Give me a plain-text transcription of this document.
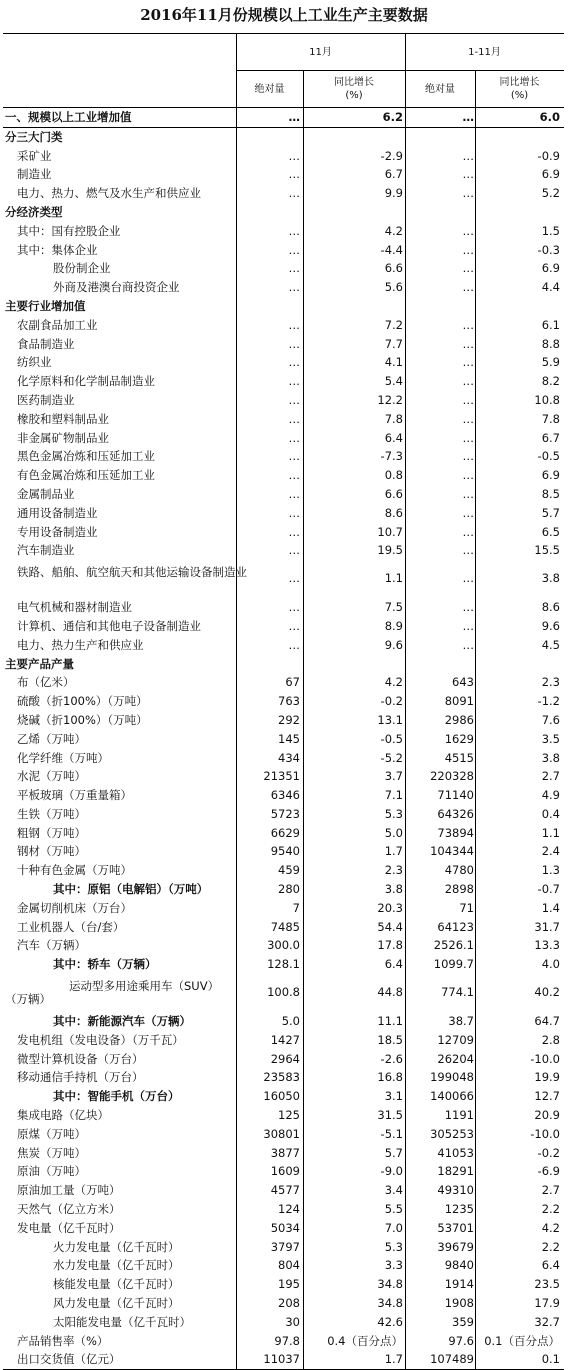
2016年11月份规模以上工业生产主要数据
11月	1-11月
绝对量
同比增长
(%)
绝对量
同比增长
(%)
一、规模以上工业增加值	…	6.2	…	6.0
分三大门类
采矿业	…	-2.9	…	-0.9
制造业	…	6.7	…	6.9
电力、热力、燃气及水生产和供应业	…	9.9	…	5.2
分经济类型
其中：国有控股企业	…	4.2	…	1.5
其中：集体企业	…	-4.4	…	-0.3
股份制企业	…	6.6	…	6.9
外商及港澳台商投资企业	…	5.6	…	4.4
主要行业增加值
农副食品加工业	…	7.2	…	6.1
食品制造业	…	7.7	…	8.8
纺织业	…	4.1	…	5.9
化学原料和化学制品制造业	…	5.4	…	8.2
医药制造业	…	12.2	…	10.8
橡胶和塑料制品业	…	7.8	…	7.8
非金属矿物制品业	…	6.4	…	6.7
黑色金属冶炼和压延加工业	…	-7.3	…	-0.5
有色金属冶炼和压延加工业	…	0.8	…	6.9
金属制品业	…	6.6	…	8.5
通用设备制造业	…	8.6	…	5.7
专用设备制造业	…	10.7	…	6.5
汽车制造业	…	19.5	…	15.5
铁路、船舶、航空航天和其他运输设备制造业	…	1.1	…	3.8
电气机械和器材制造业	…	7.5	…	8.6
计算机、通信和其他电子设备制造业	…	8.9	…	9.6
电力、热力生产和供应业	…	9.6	…	4.5
主要产品产量
布（亿米）	67	4.2	643	2.3
硫酸（折100%）（万吨）	763	-0.2	8091	-1.2
烧碱（折100%）（万吨）	292	13.1	2986	7.6
乙烯（万吨）	145	-0.5	1629	3.5
化学纤维（万吨）	434	-5.2	4515	3.8
水泥（万吨）	21351	3.7	220328	2.7
平板玻璃（万重量箱）	6346	7.1	71140	4.9
生铁（万吨）	5723	5.3	64326	0.4
粗钢（万吨）	6629	5.0	73894	1.1
钢材（万吨）	9540	1.7	104344	2.4
十种有色金属（万吨）	459	2.3	4780	1.3
其中：原铝（电解铝）（万吨）	280	3.8	2898	-0.7
金属切削机床（万台）	7	20.3	71	1.4
工业机器人（台/套）	7485	54.4	64123	31.7
汽车（万辆）	300.0	17.8	2526.1	13.3
其中：轿车（万辆）	128.1	6.4	1099.7	4.0
运动型多用途乘用车（SUV）（万辆）	100.8	44.8	774.1	40.2
其中：新能源汽车（万辆）	5.0	11.1	38.7	64.7
发电机组（发电设备）（万千瓦）	1427	18.5	12709	2.8
微型计算机设备（万台）	2964	-2.6	26204	-10.0
移动通信手持机（万台）	23583	16.8	199048	19.9
其中：智能手机（万台）	16050	3.1	140066	12.7
集成电路（亿块）	125	31.5	1191	20.9
原煤（万吨）	30801	-5.1	305253	-10.0
焦炭（万吨）	3877	5.7	41053	-0.2
原油（万吨）	1609	-9.0	18291	-6.9
原油加工量（万吨）	4577	3.4	49310	2.7
天然气（亿立方米）	124	5.5	1235	2.2
发电量（亿千瓦时）	5034	7.0	53701	4.2
火力发电量（亿千瓦时）	3797	5.3	39679	2.2
水力发电量（亿千瓦时）	804	3.3	9840	6.4
核能发电量（亿千瓦时）	195	34.8	1914	23.5
风力发电量（亿千瓦时）	208	34.8	1908	17.9
太阳能发电量（亿千瓦时）	30	42.6	359	32.7
产品销售率（%）	97.8	0.4（百分点）	97.6 0.1（百分点）
出口交货值（亿元）	11037	1.7	107489	0.1
